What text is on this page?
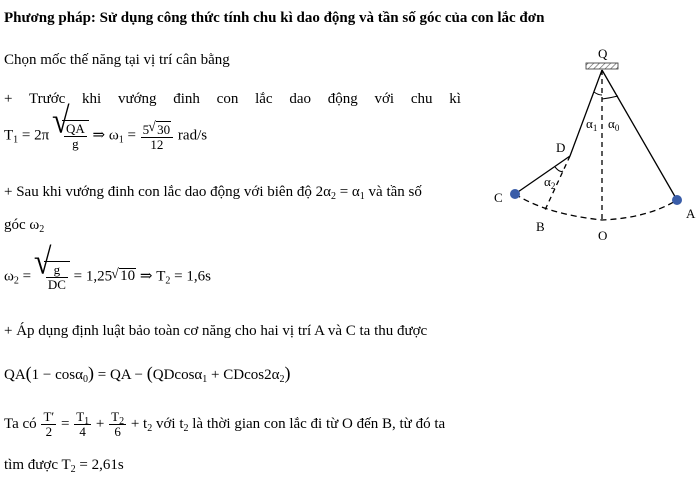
Phương pháp: Sử dụng công thức tính chu kì dao động và tần số góc của con lắc đơn
Chọn mốc thế năng tại vị trí cân bằng
+ Trước khi vướng đinh con lắc dao động với chu kì
$T_1 = 2\pi$
√ $\frac{QA}{g}$ ⇒ $\omega_1 = \frac{5√ 30}{12} rad/s$
+ Sau khi vướng đinh con lắc dao động với biên độ $2\alpha_2 = \alpha_1$ và tần số
góc $\omega_2$
$\omega_2$ =
√ $\frac{g}{DC} = 1,25√$ 10 ⇒ $T_2 = 1,6s$
+ Áp dụng định luật bảo toàn cơ năng cho hai vị trí A và C ta thu được
QA(1 − cosα$_0$) = QA − $(QDcos\alpha_1 + CDcos2\alpha_2)$
Ta có $\frac{T'}{2} = \frac{T_1}{4} + \frac{T_2}{6} + t_2$ với $t_2$ là thời gian con lắc đi từ O đến B, từ đó ta
tìm được $T_2 = 2,61s$
Q
D
C
B
O
A
$\alpha_1$ $\alpha_0$
$\alpha_2$
